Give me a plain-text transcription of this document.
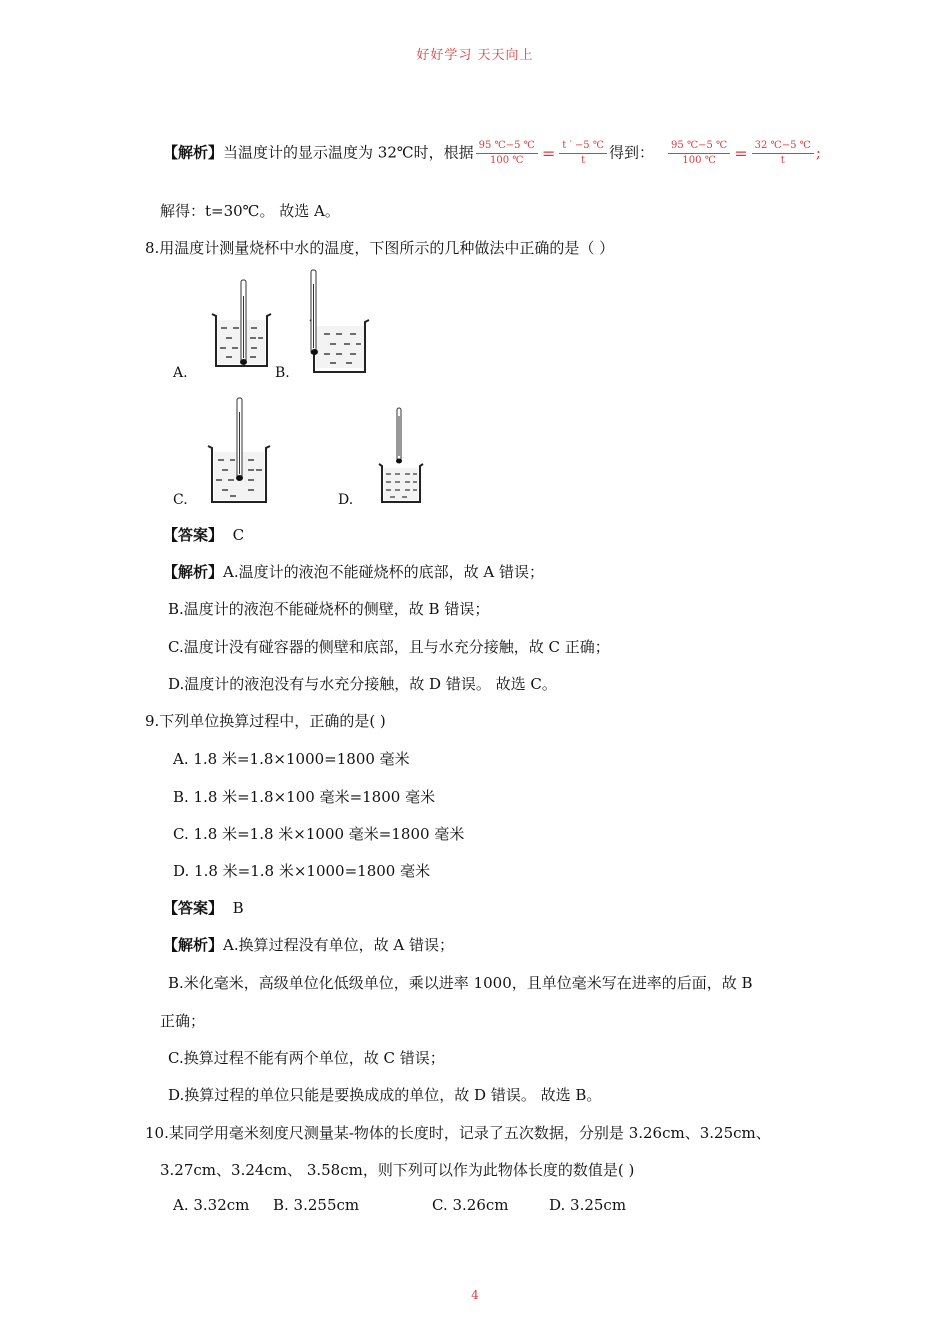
好好学习 天天向上
【解析】当温度计的显示温度为 32℃时，根据 $\frac{95 ℃-5 ℃}{100 ℃} = \frac{t ' -5 ℃}{t}$ 得到： $\frac{95 ℃-5 ℃}{100 ℃} = \frac{32 ℃-5 ℃}{t}$ ;
解得：t=30℃。 故选 A。
8.用温度计测量烧杯中水的温度，下图所示的几种做法中正确的是（ ）
A.	B.
C.	D.
【答案】 C
【解析】A.温度计的液泡不能碰烧杯的底部，故 A 错误；
B.温度计的液泡不能碰烧杯的侧壁，故 B 错误；
C.温度计没有碰容器的侧壁和底部，且与水充分接触，故 C 正确；
D.温度计的液泡没有与水充分接触，故 D 错误。 故选 C。
9.下列单位换算过程中，正确的是( )
A. 1.8 米=1.8×1000=1800 毫米
B. 1.8 米=1.8×100 毫米=1800 毫米
C. 1.8 米=1.8 米×1000 毫米=1800 毫米
D. 1.8 米=1.8 米×1000=1800 毫米
【答案】 B
【解析】A.换算过程没有单位，故 A 错误；
B.米化毫米，高级单位化低级单位，乘以进率 1000，且单位毫米写在进率的后面，故 B
正确；
C.换算过程不能有两个单位，故 C 错误；
D.换算过程的单位只能是要换成成的单位，故 D 错误。 故选 B。
10.某同学用毫米刻度尺测量某-物体的长度时，记录了五次数据，分别是 3.26cm、3.25cm、
3.27cm、3.24cm、 3.58cm，则下列可以作为此物体长度的数值是( )
A. 3.32cm B. 3.255cm	C. 3.26cm	D. 3.25cm
4
